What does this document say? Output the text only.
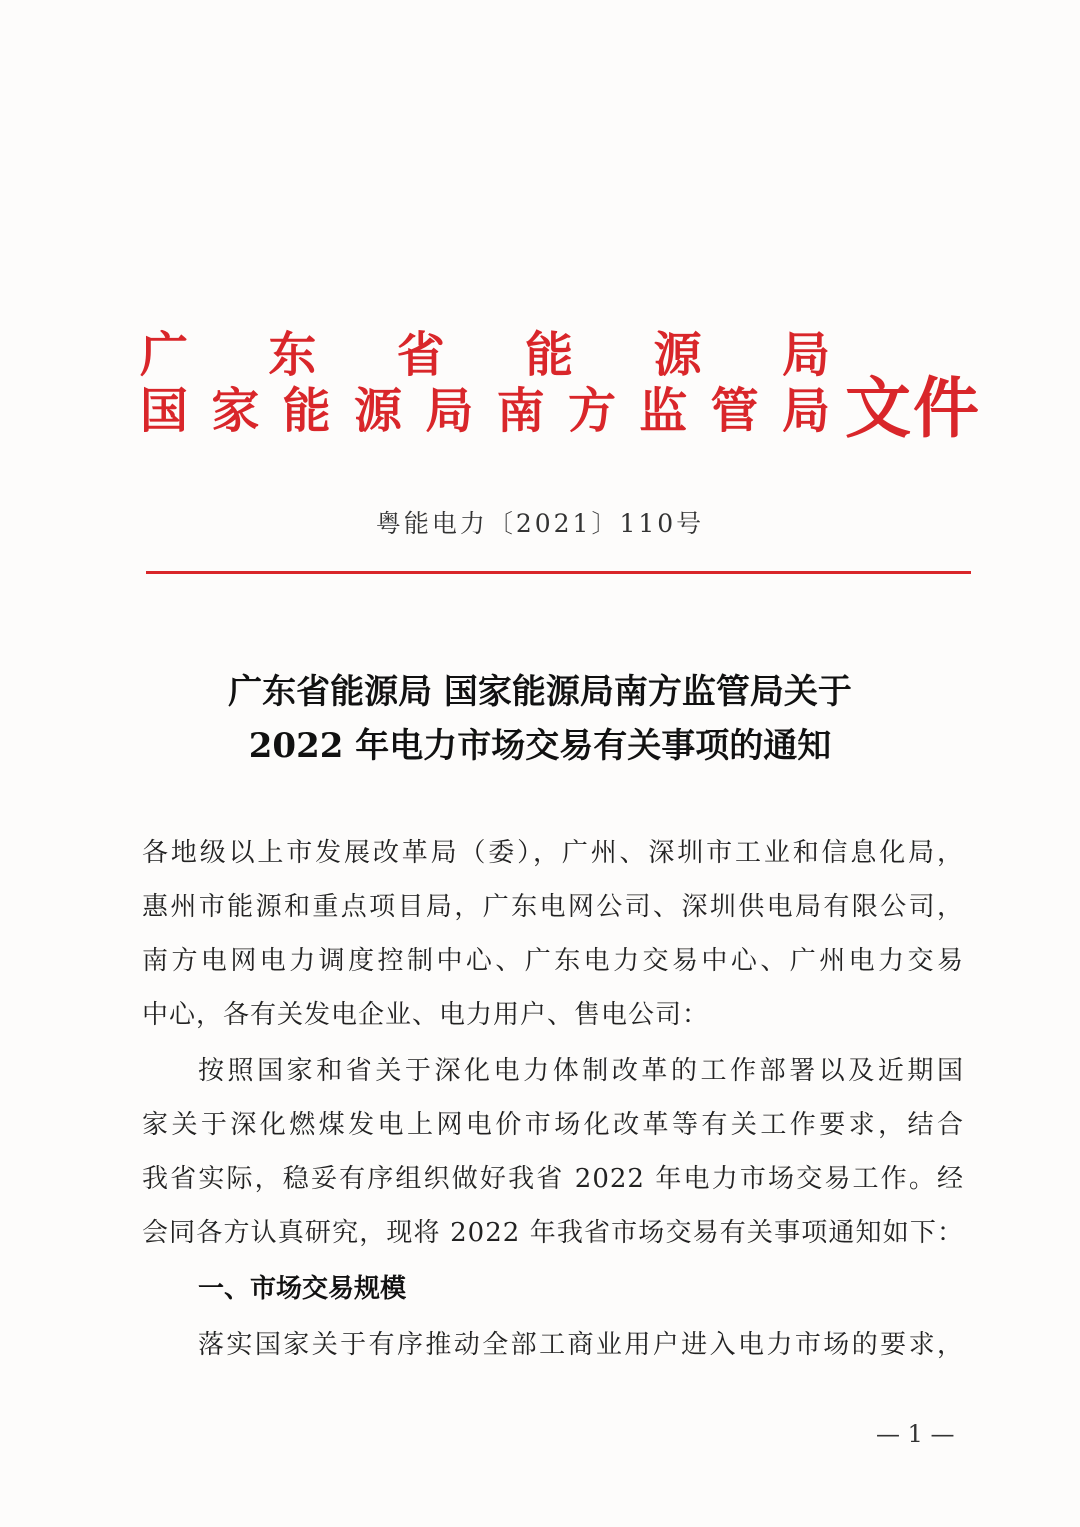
广 东 省 能 源 局
国 家 能 源 局 南 方 监 管 局 文件
粤能电力〔2021〕110号
广东省能源局 国家能源局南方监管局关于
2022 年电力市场交易有关事项的通知
各地级以上市发展改革局（委），广州、深圳市工业和信息化局，
惠州市能源和重点项目局，广东电网公司、深圳供电局有限公司，
南方电网电力调度控制中心、广东电力交易中心、广州电力交易
中心，各有关发电企业、电力用户、售电公司：
按照国家和省关于深化电力体制改革的工作部署以及近期国
家关于深化燃煤发电上网电价市场化改革等有关工作要求，结合
我省实际，稳妥有序组织做好我省 2022 年电力市场交易工作。经
会同各方认真研究，现将 2022 年我省市场交易有关事项通知如下：
一、市场交易规模
落实国家关于有序推动全部工商业用户进入电力市场的要求，
— 1 —
